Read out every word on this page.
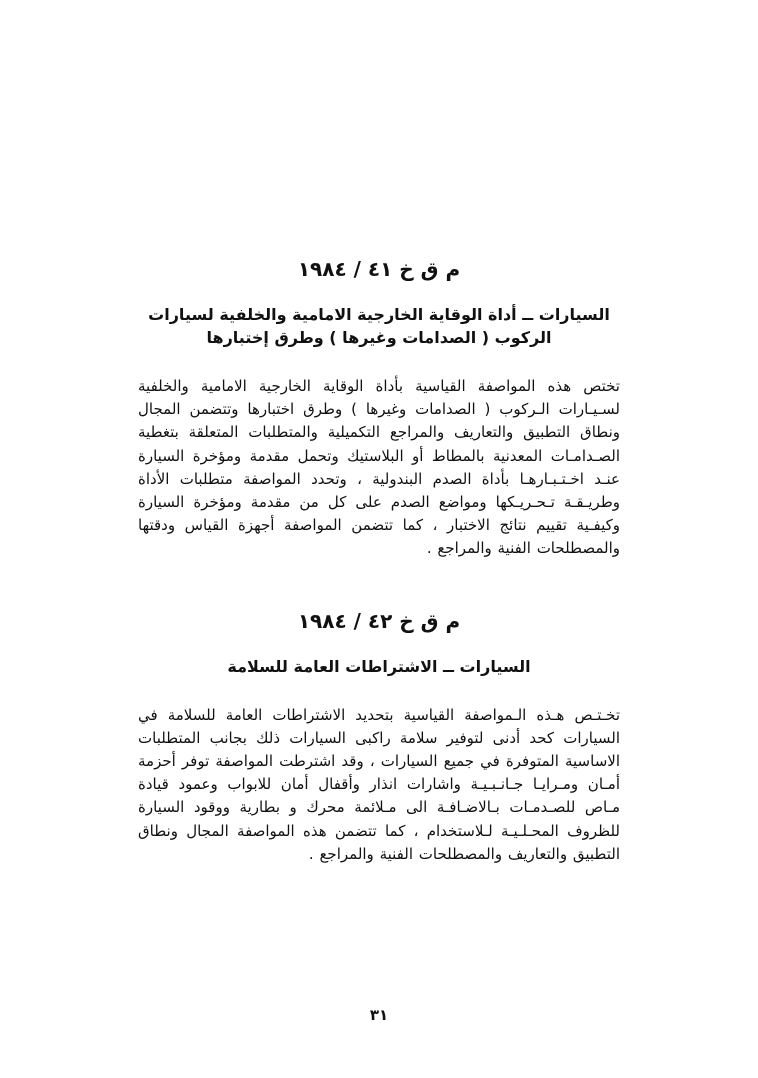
م ق خ ٤١ / ١٩٨٤
السيارات ــ أداة الوقاية الخارجية الامامية والخلفية لسيارات الركوب ( الصدامات وغيرها ) وطرق إختبارها
تختص هذه المواصفة القياسية بأداة الوقاية الخارجية الامامية والخلفية لسـيـارات الـركوب ( الصدامات وغيرها ) وطرق اختبارها وتتضمن المجال ونطاق التطبيق والتعاريف والمراجع التكميلية والمتطلبات المتعلقة بتغطية الصـدامـات المعدنية بالمطاط أو البلاستيك وتحمل مقدمة ومؤخرة السيارة عنـد اخـتـبـارهـا بأداة الصدم البندولية ، وتحدد المواصفة متطلبات الأداة وطريـقـة تـحـريـكها ومواضع الصدم على كل من مقدمة ومؤخرة السيارة وكيفـية تقييم نتائج الاختبار ، كما تتضمن المواصفة أجهزة القياس ودقتها والمصطلحات الفنية والمراجع .
م ق خ ٤٢ / ١٩٨٤
السيارات ــ الاشتراطات العامة للسلامة
تخـتـص هـذه الـمواصفة القياسية بتحديد الاشتراطات العامة للسلامة في السيارات كحد أدنى لتوفير سلامة راكبى السيارات ذلك بجانب المتطلبات الاساسية المتوفرة في جميع السيارات ، وقد اشترطت المواصفة توفر أحزمة أمـان ومـرايـا جـانـبـيـة واشارات انذار وأقفال أمان للابواب وعمود قيادة مـاص للصـدمـات بـالاضـافـة الى مـلائمة محرك و بطارية ووقود السيارة للظروف المحـلـيـة لـلاستخدام ، كما تتضمن هذه المواصفة المجال ونطاق التطبيق والتعاريف والمصطلحات الفنية والمراجع .
٣١
